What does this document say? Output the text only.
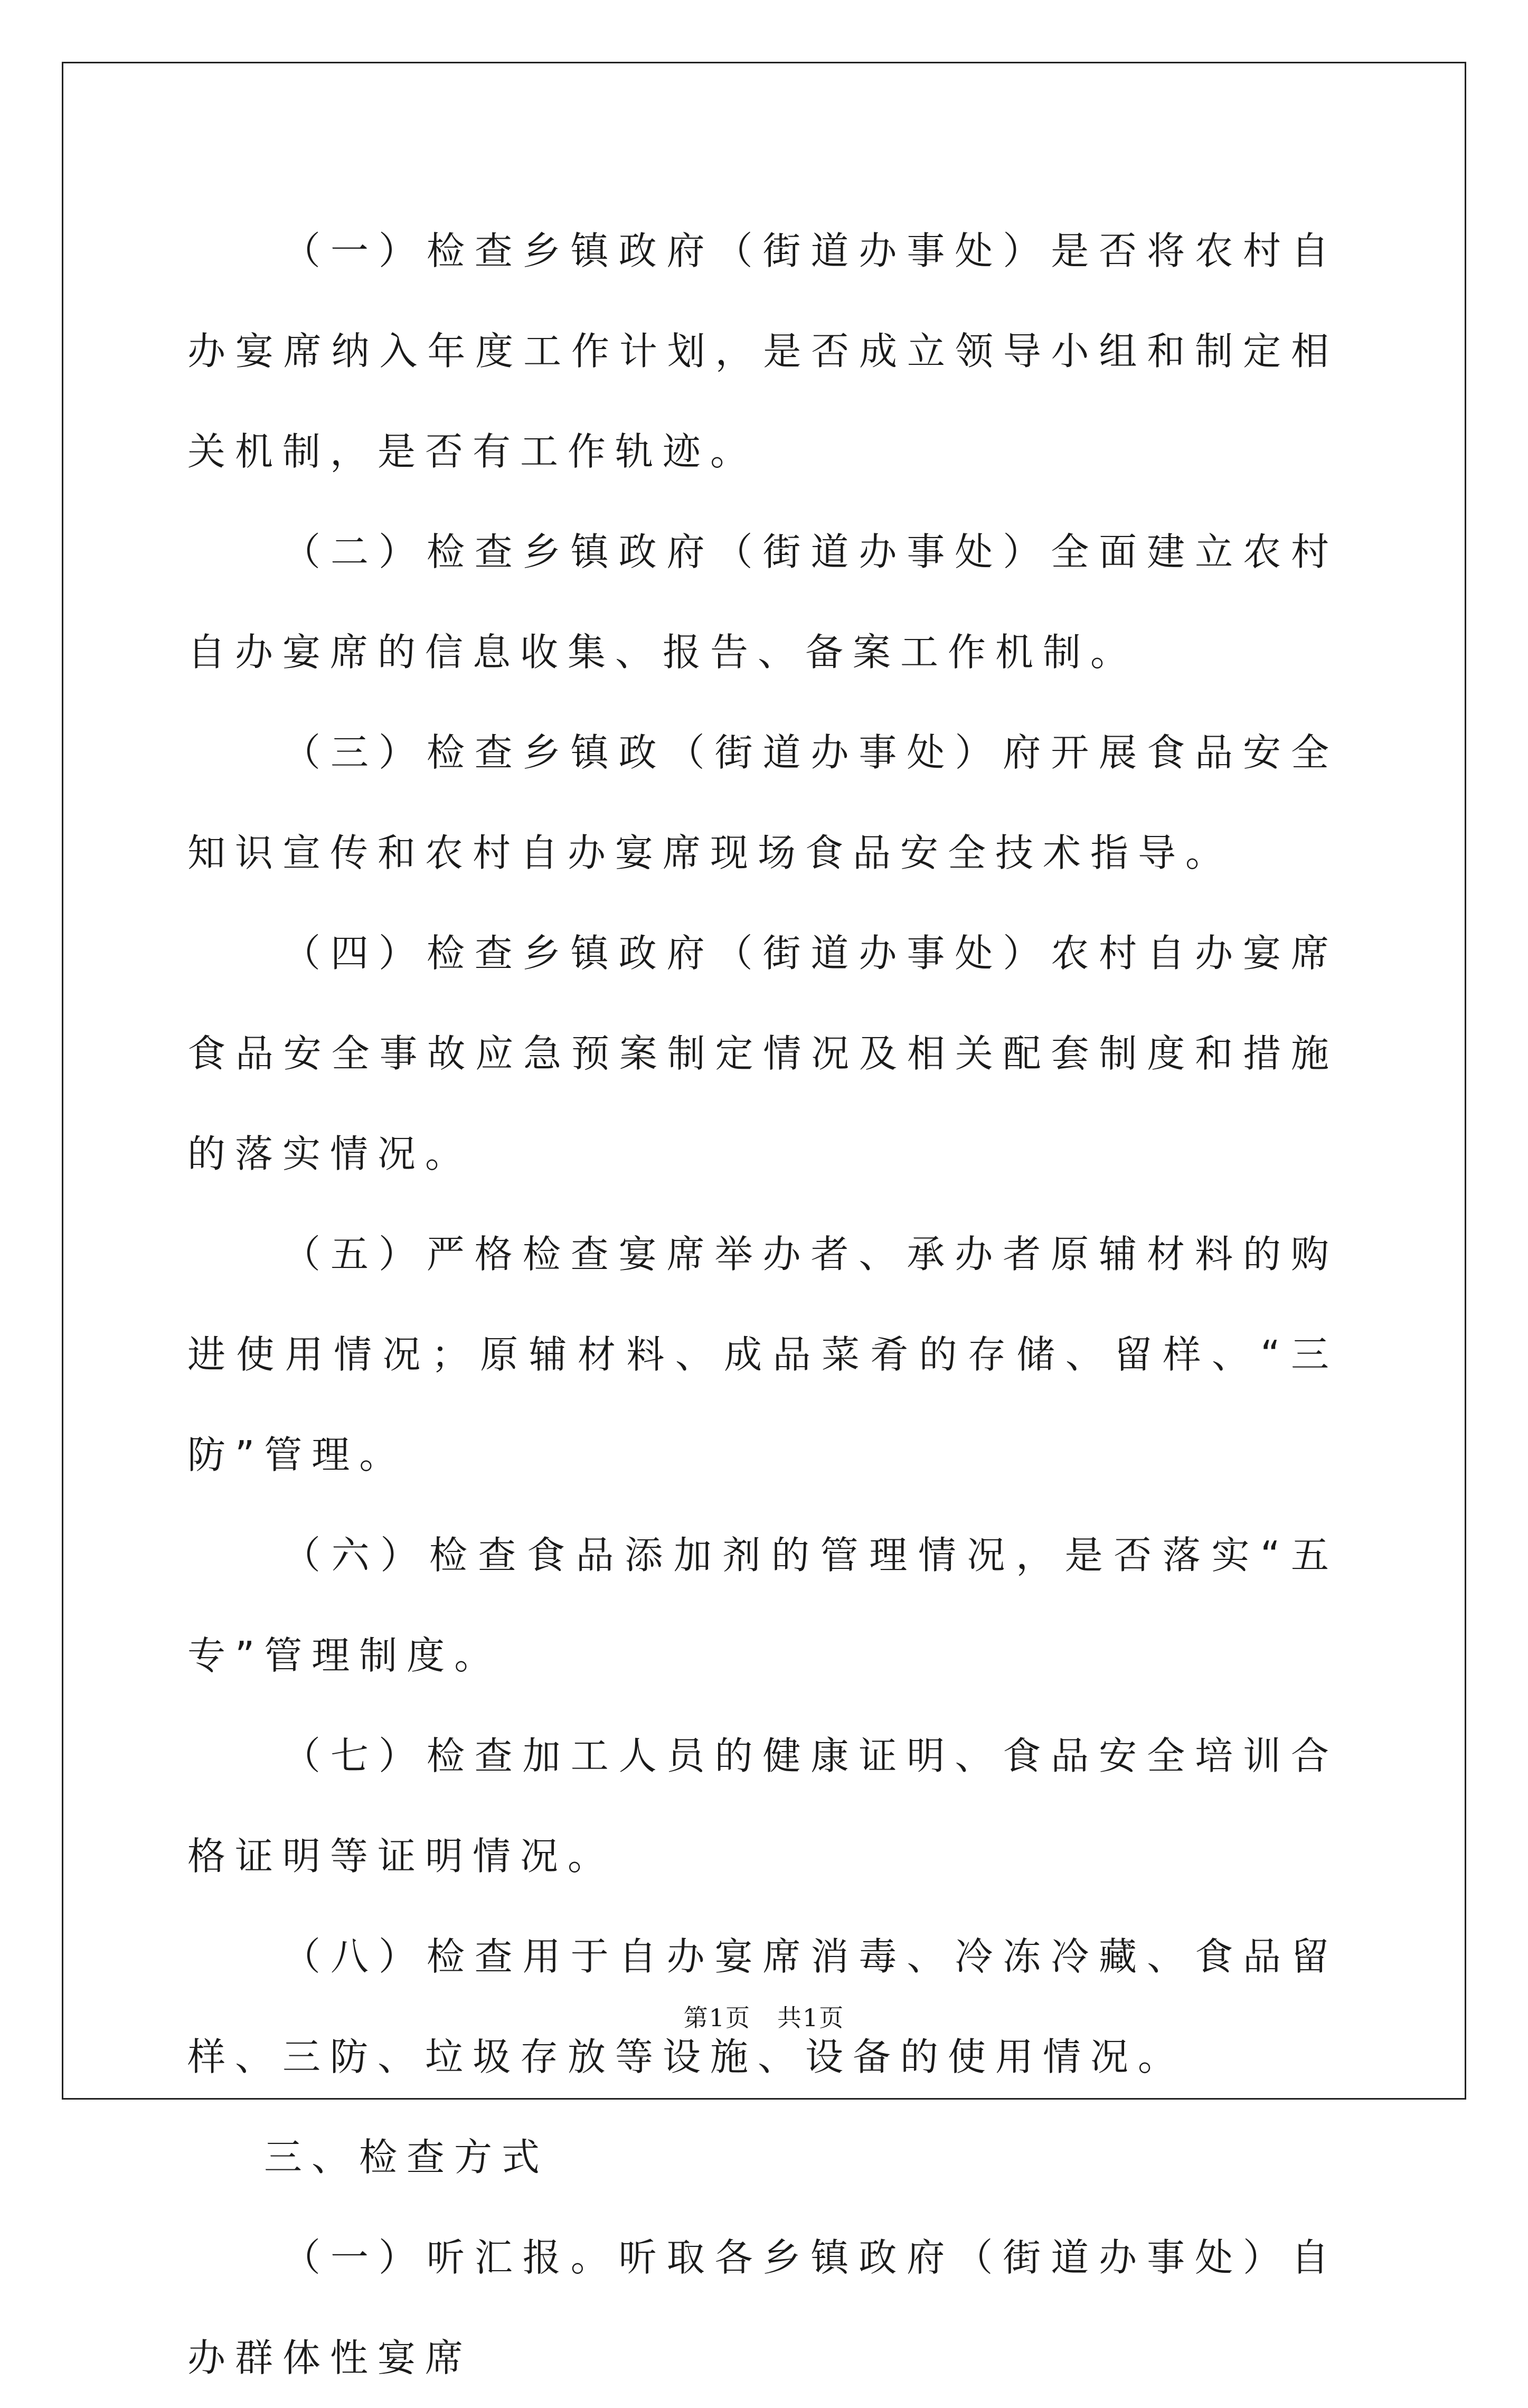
（一）检查乡镇政府（街道办事处）是否将农村自办宴席纳入年度工作计划，是否成立领导小组和制定相关机制，是否有工作轨迹。

（二）检查乡镇政府（街道办事处）全面建立农村自办宴席的信息收集、报告、备案工作机制。

（三）检查乡镇政（街道办事处）府开展食品安全知识宣传和农村自办宴席现场食品安全技术指导。

（四）检查乡镇政府（街道办事处）农村自办宴席食品安全事故应急预案制定情况及相关配套制度和措施的落实情况。

（五）严格检查宴席举办者、承办者原辅材料的购进使用情况；原辅材料、成品菜肴的存储、留样、“三防”管理。

（六）检查食品添加剂的管理情况，是否落实“五专”管理制度。

（七）检查加工人员的健康证明、食品安全培训合格证明等证明情况。

（八）检查用于自办宴席消毒、冷冻冷藏、食品留样、三防、垃圾存放等设施、设备的使用情况。

三、检查方式

（一）听汇报。听取各乡镇政府（街道办事处）自办群体性宴席

第1页 共1页
